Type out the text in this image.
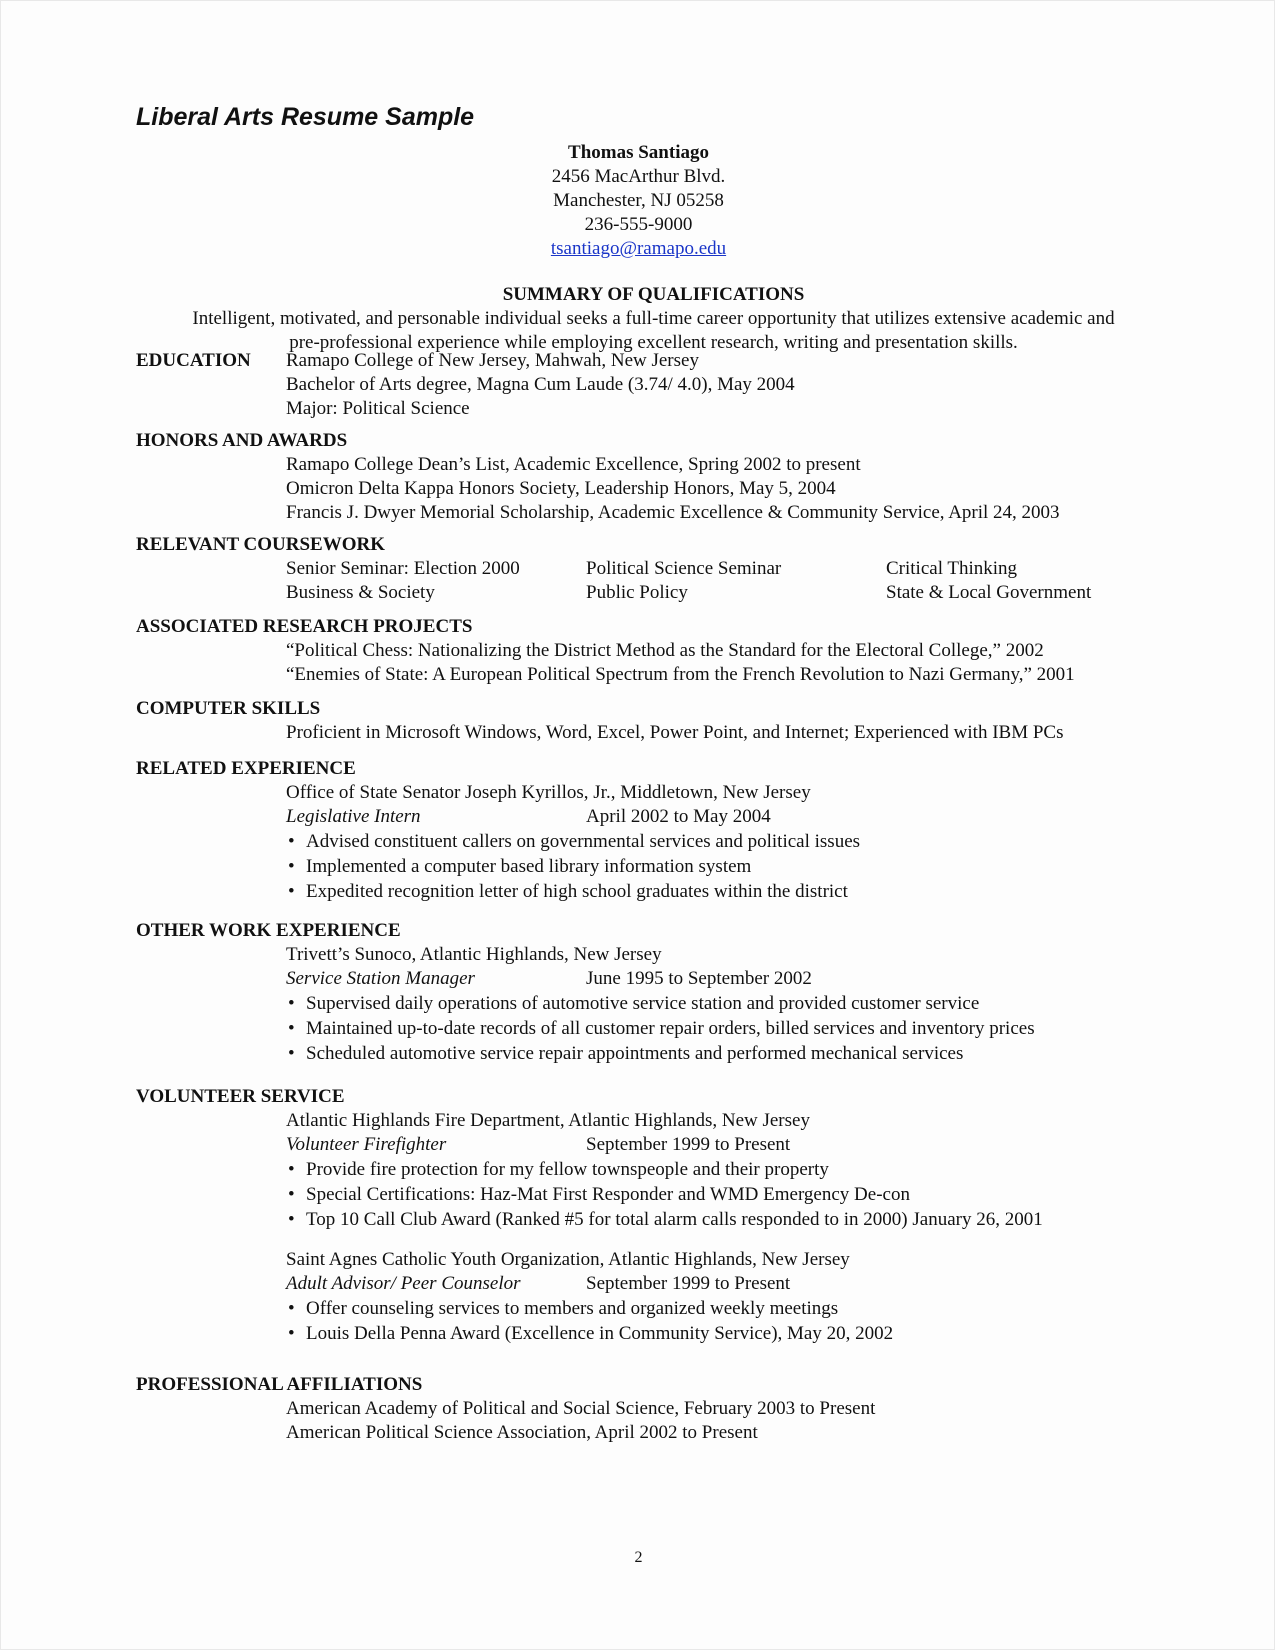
Liberal Arts Resume Sample
Thomas Santiago
2456 MacArthur Blvd.
Manchester, NJ 05258
236-555-9000
tsantiago@ramapo.edu
SUMMARY OF QUALIFICATIONS
Intelligent, motivated, and personable individual seeks a full-time career opportunity that utilizes extensive academic and
pre-professional experience while employing excellent research, writing and presentation skills.
EDUCATION	Ramapo College of New Jersey, Mahwah, New Jersey
Bachelor of Arts degree, Magna Cum Laude (3.74/ 4.0), May 2004
Major: Political Science
HONORS AND AWARDS
Ramapo College Dean’s List, Academic Excellence, Spring 2002 to present
Omicron Delta Kappa Honors Society, Leadership Honors, May 5, 2004
Francis J. Dwyer Memorial Scholarship, Academic Excellence & Community Service, April 24, 2003
RELEVANT COURSEWORK
Senior Seminar: Election 2000	Political Science Seminar	Critical Thinking
Business & Society	Public Policy	State & Local Government
ASSOCIATED RESEARCH PROJECTS
“Political Chess: Nationalizing the District Method as the Standard for the Electoral College,” 2002
“Enemies of State: A European Political Spectrum from the French Revolution to Nazi Germany,” 2001
COMPUTER SKILLS
Proficient in Microsoft Windows, Word, Excel, Power Point, and Internet; Experienced with IBM PCs
RELATED EXPERIENCE
Office of State Senator Joseph Kyrillos, Jr., Middletown, New Jersey
Legislative Intern	April 2002 to May 2004
• Advised constituent callers on governmental services and political issues
• Implemented a computer based library information system
• Expedited recognition letter of high school graduates within the district
OTHER WORK EXPERIENCE
Trivett’s Sunoco, Atlantic Highlands, New Jersey
Service Station Manager	June 1995 to September 2002
• Supervised daily operations of automotive service station and provided customer service
• Maintained up-to-date records of all customer repair orders, billed services and inventory prices
• Scheduled automotive service repair appointments and performed mechanical services
VOLUNTEER SERVICE
Atlantic Highlands Fire Department, Atlantic Highlands, New Jersey
Volunteer Firefighter	September 1999 to Present
• Provide fire protection for my fellow townspeople and their property
• Special Certifications: Haz-Mat First Responder and WMD Emergency De-con
• Top 10 Call Club Award (Ranked #5 for total alarm calls responded to in 2000) January 26, 2001
Saint Agnes Catholic Youth Organization, Atlantic Highlands, New Jersey
Adult Advisor/ Peer Counselor	September 1999 to Present
• Offer counseling services to members and organized weekly meetings
• Louis Della Penna Award (Excellence in Community Service), May 20, 2002
PROFESSIONAL AFFILIATIONS
American Academy of Political and Social Science, February 2003 to Present
American Political Science Association, April 2002 to Present
2
